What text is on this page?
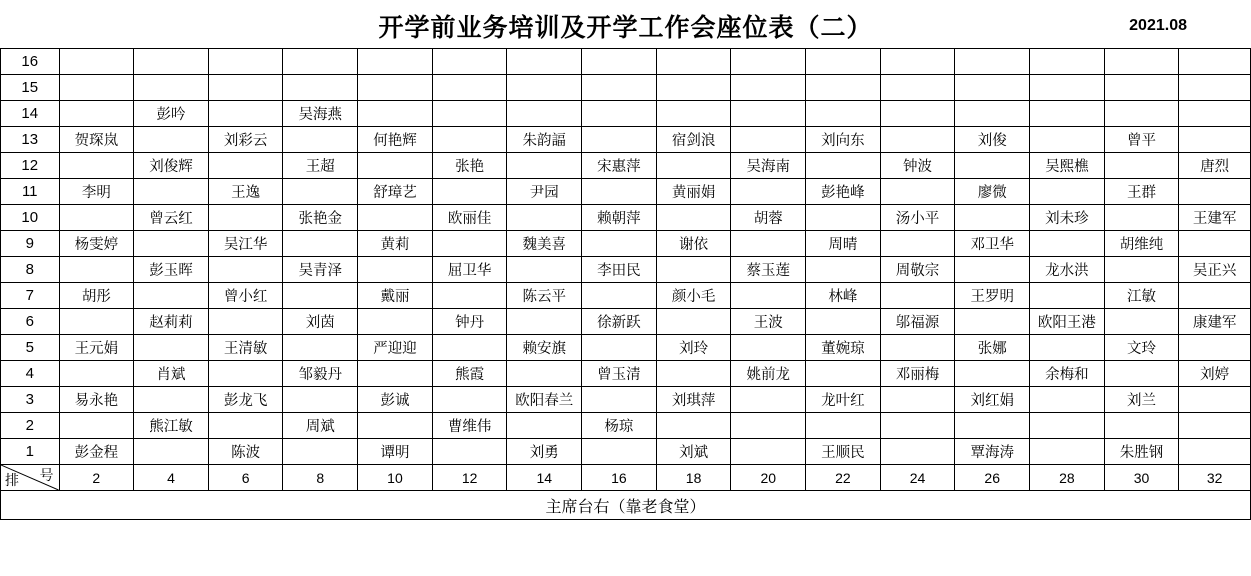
开学前业务培训及开学工作会座位表（二）	2021.08
16																
15																
14		彭吟		吴海燕												
13	贺琛岚		刘彩云		何艳辉		朱韵諨		宿剑浪		刘向东		刘俊		曾平	
12		刘俊辉		王超		张艳		宋惠萍		吴海南		钟波		吴熙樵		唐烈
11	李明		王逸		舒璋艺		尹园		黄丽娟		彭艳峰		廖微		王群	
10		曾云红		张艳金		欧丽佳		赖朝萍		胡蓉		汤小平		刘未珍		王建军
9	杨雯婷		吴江华		黄莉		魏美喜		谢依		周晴		邓卫华		胡维纯	
8		彭玉晖		吴青泽		屈卫华		李田民		蔡玉莲		周敬宗		龙水洪		吴正兴
7	胡彤		曾小红		戴丽		陈云平		颜小毛		林峰		王罗明		江敏	
6		赵莉莉		刘茵		钟丹		徐新跃		王波		邬福源		欧阳王港		康建军
5	王元娟		王清敏		严迎迎		赖安旗		刘玲		董婉琼		张娜		文玲	
4		肖斌		邹毅丹		熊霞		曾玉清		姚前龙		邓丽梅		余梅和		刘婷
3	易永艳		彭龙飞		彭诚		欧阳春兰		刘琪萍		龙叶红		刘红娟		刘兰	
2		熊江敏		周斌		曹维伟		杨琼								
1	彭金程		陈波		谭明		刘勇		刘斌		王顺民		覃海涛		朱胜钢	

排 号	2	4	6	8	10	12	14	16	18	20	22	24	26	28	30	32
主席台右（靠老食堂）																
